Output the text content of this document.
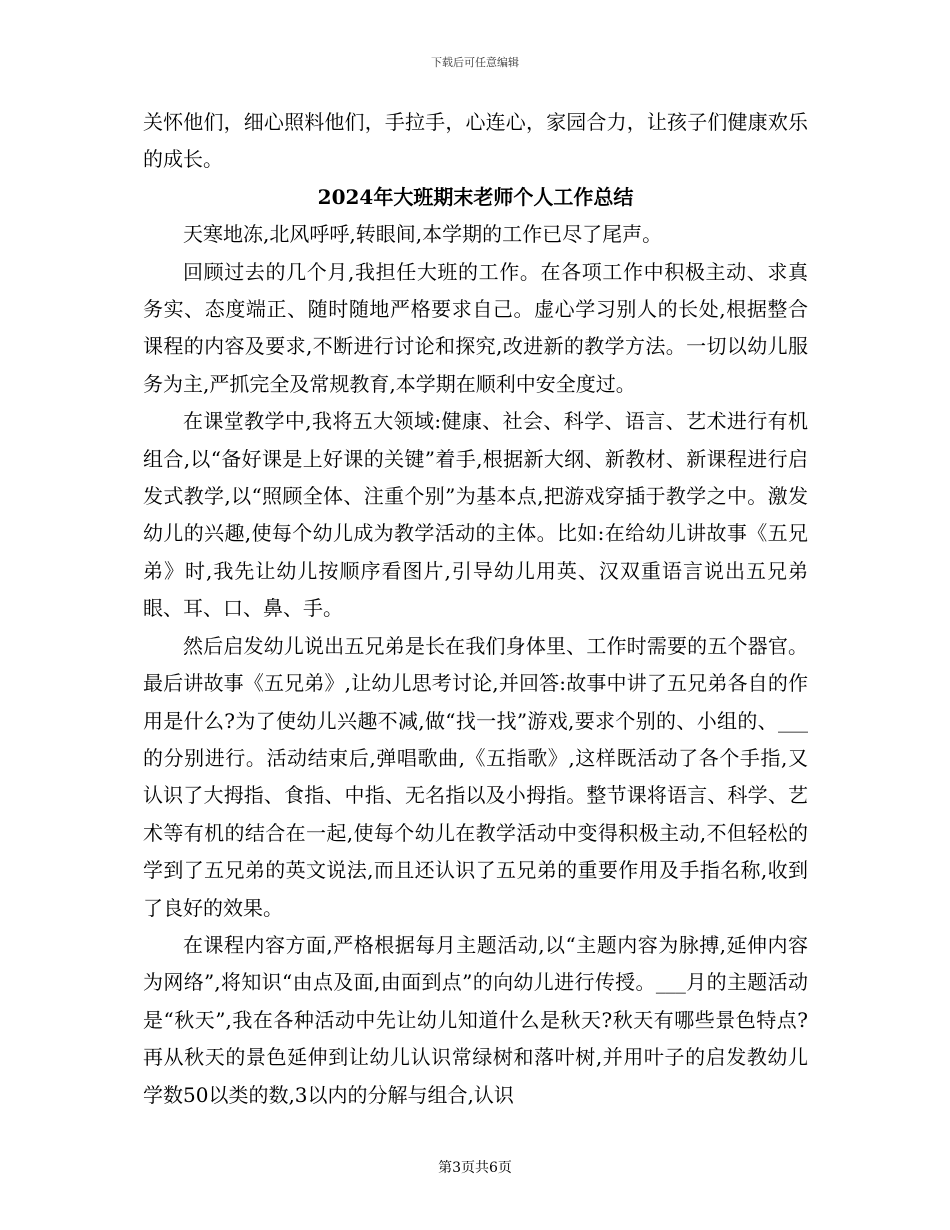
下载后可任意编辑

关怀他们，细心照料他们，手拉手，心连心，家园合力，让孩子们健康欢乐的成长。

2024年大班期末老师个人工作总结

天寒地冻,北风呼呼,转眼间,本学期的工作已尽了尾声。

回顾过去的几个月,我担任大班的工作。在各项工作中积极主动、求真务实、态度端正、随时随地严格要求自己。虚心学习别人的长处,根据整合课程的内容及要求,不断进行讨论和探究,改进新的教学方法。一切以幼儿服务为主,严抓完全及常规教育,本学期在顺利中安全度过。

在课堂教学中,我将五大领域:健康、社会、科学、语言、艺术进行有机组合,以“备好课是上好课的关键”着手,根据新大纲、新教材、新课程进行启发式教学,以“照顾全体、注重个别”为基本点,把游戏穿插于教学之中。激发幼儿的兴趣,使每个幼儿成为教学活动的主体。比如:在给幼儿讲故事《五兄弟》时,我先让幼儿按顺序看图片,引导幼儿用英、汉双重语言说出五兄弟眼、耳、口、鼻、手。

然后启发幼儿说出五兄弟是长在我们身体里、工作时需要的五个器官。最后讲故事《五兄弟》,让幼儿思考讨论,并回答:故事中讲了五兄弟各自的作用是什么?为了使幼儿兴趣不减,做“找一找”游戏,要求个别的、小组的、___的分别进行。活动结束后,弹唱歌曲,《五指歌》,这样既活动了各个手指,又认识了大拇指、食指、中指、无名指以及小拇指。整节课将语言、科学、艺术等有机的结合在一起,使每个幼儿在教学活动中变得积极主动,不但轻松的学到了五兄弟的英文说法,而且还认识了五兄弟的重要作用及手指名称,收到了良好的效果。

在课程内容方面,严格根据每月主题活动,以“主题内容为脉搏,延伸内容为网络”,将知识“由点及面,由面到点”的向幼儿进行传授。___月的主题活动是“秋天”,我在各种活动中先让幼儿知道什么是秋天?秋天有哪些景色特点?再从秋天的景色延伸到让幼儿认识常绿树和落叶树,并用叶子的启发教幼儿学数50以类的数,3以内的分解与组合,认识

第3页共6页
